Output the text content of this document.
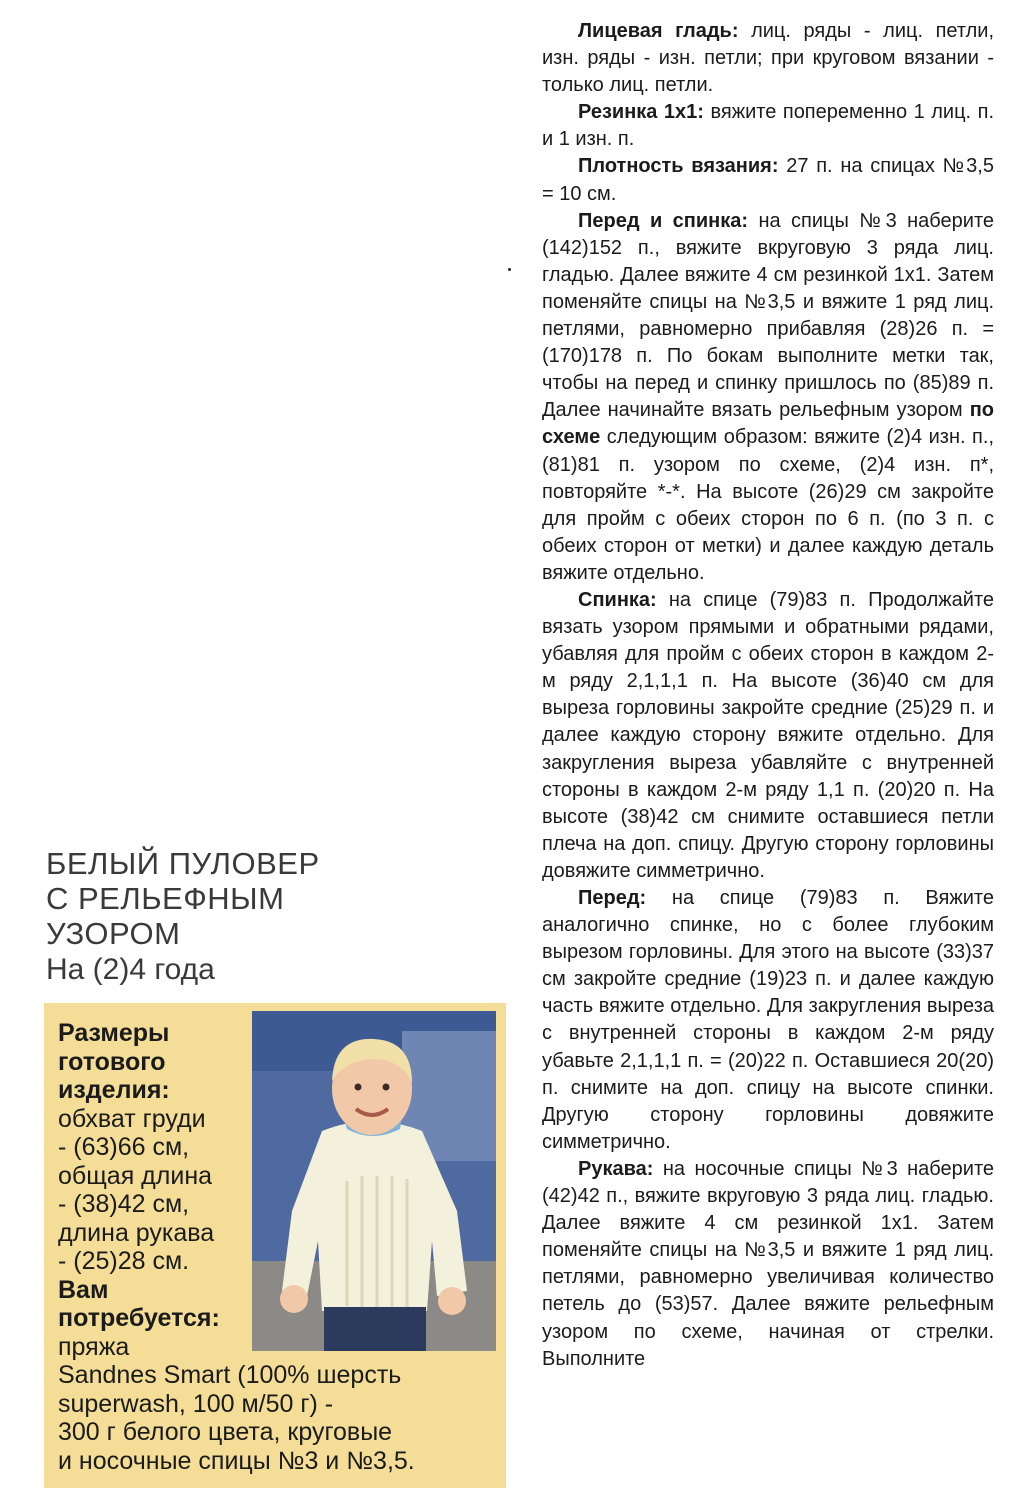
БЕЛЫЙ ПУЛОВЕР
С РЕЛЬЕФНЫМ
УЗОРОМ
На (2)4 года
Размеры
готового
изделия:
обхват груди
- (63)66 см,
общая длина
- (38)42 см,
длина рукава
- (25)28 см.
Вам
потребуется:
пряжа
Sandnes Smart (100% шерсть
superwash, 100 м/50 г) -
300 г белого цвета, круговые
и носочные спицы №3 и №3,5.

Лицевая гладь: лиц. ряды - лиц. петли, изн. ряды - изн. петли; при круговом вязании - только лиц. петли.

Резинка 1х1: вяжите попеременно 1 лиц. п. и 1 изн. п.

Плотность вязания: 27 п. на спицах №3,5 = 10 см.

Перед и спинка: на спицы №3 наберите (142)152 п., вяжите вкруговую 3 ряда лиц. гладью. Далее вяжите 4 см резинкой 1х1. Затем поменяйте спицы на №3,5 и вяжите 1 ряд лиц. петлями, равномерно прибавляя (28)26 п. = (170)178 п. По бокам выполните метки так, чтобы на перед и спинку пришлось по (85)89 п. Далее начинайте вязать рельефным узором по схеме следующим образом: вяжите (2)4 изн. п., (81)81 п. узором по схеме, (2)4 изн. п*, повторяйте *-*. На высоте (26)29 см закройте для пройм с обеих сторон по 6 п. (по 3 п. с обеих сторон от метки) и далее каждую деталь вяжите отдельно.

Спинка: на спице (79)83 п. Продолжайте вязать узором прямыми и обратными рядами, убавляя для пройм с обеих сторон в каждом 2-м ряду 2,1,1,1 п. На высоте (36)40 см для выреза горловины закройте средние (25)29 п. и далее каждую сторону вяжите отдельно. Для закругления выреза убавляйте с внутренней стороны в каждом 2-м ряду 1,1 п. (20)20 п. На высоте (38)42 см снимите оставшиеся петли плеча на доп. спицу. Другую сторону горловины довяжите симметрично.

Перед: на спице (79)83 п. Вяжите аналогично спинке, но с более глубоким вырезом горловины. Для этого на высоте (33)37 см закройте средние (19)23 п. и далее каждую часть вяжите отдельно. Для закругления выреза с внутренней стороны в каждом 2-м ряду убавьте 2,1,1,1 п. = (20)22 п. Оставшиеся 20(20) п. снимите на доп. спицу на высоте спинки. Другую сторону горловины довяжите симметрично.

Рукава: на носочные спицы №3 наберите (42)42 п., вяжите вкруговую 3 ряда лиц. гладью. Далее вяжите 4 см резинкой 1х1. Затем поменяйте спицы на №3,5 и вяжите 1 ряд лиц. петлями, равномерно увеличивая количество петель до (53)57. Далее вяжите рельефным узором по схеме, начиная от стрелки. Выполните
